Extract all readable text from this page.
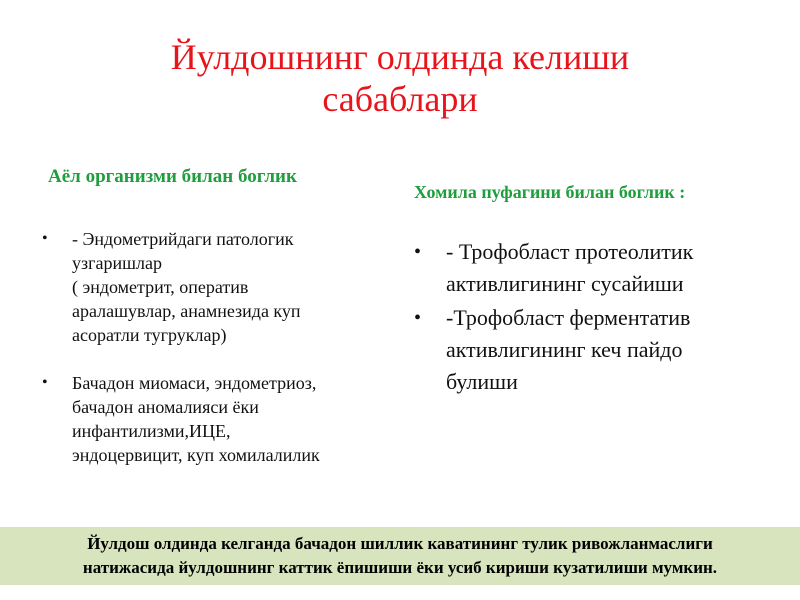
Йулдошнинг олдинда келиши
сабаблари

Аёл организми билан боглик

• - Эндометрийдаги патологик
узгаришлар
( эндометрит, оператив
аралашувлар, анамнезида куп
асоратли тугруклар)
• Бачадон миомаси, эндометриоз,
бачадон аномалияси ёки
инфантилизми,ИЦЕ,
эндоцервицит, куп хомилалилик

Хомила пуфагини билан боглик :

• - Трофобласт протеолитик
активлигининг сусайиши
• -Трофобласт ферментатив
активлигининг кеч пайдо
булиши

Йулдош олдинда келганда бачадон шиллик каватининг тулик ривожланмаслиги
натижасида йулдошнинг каттик ёпишиши ёки усиб кириши кузатилиши мумкин.
